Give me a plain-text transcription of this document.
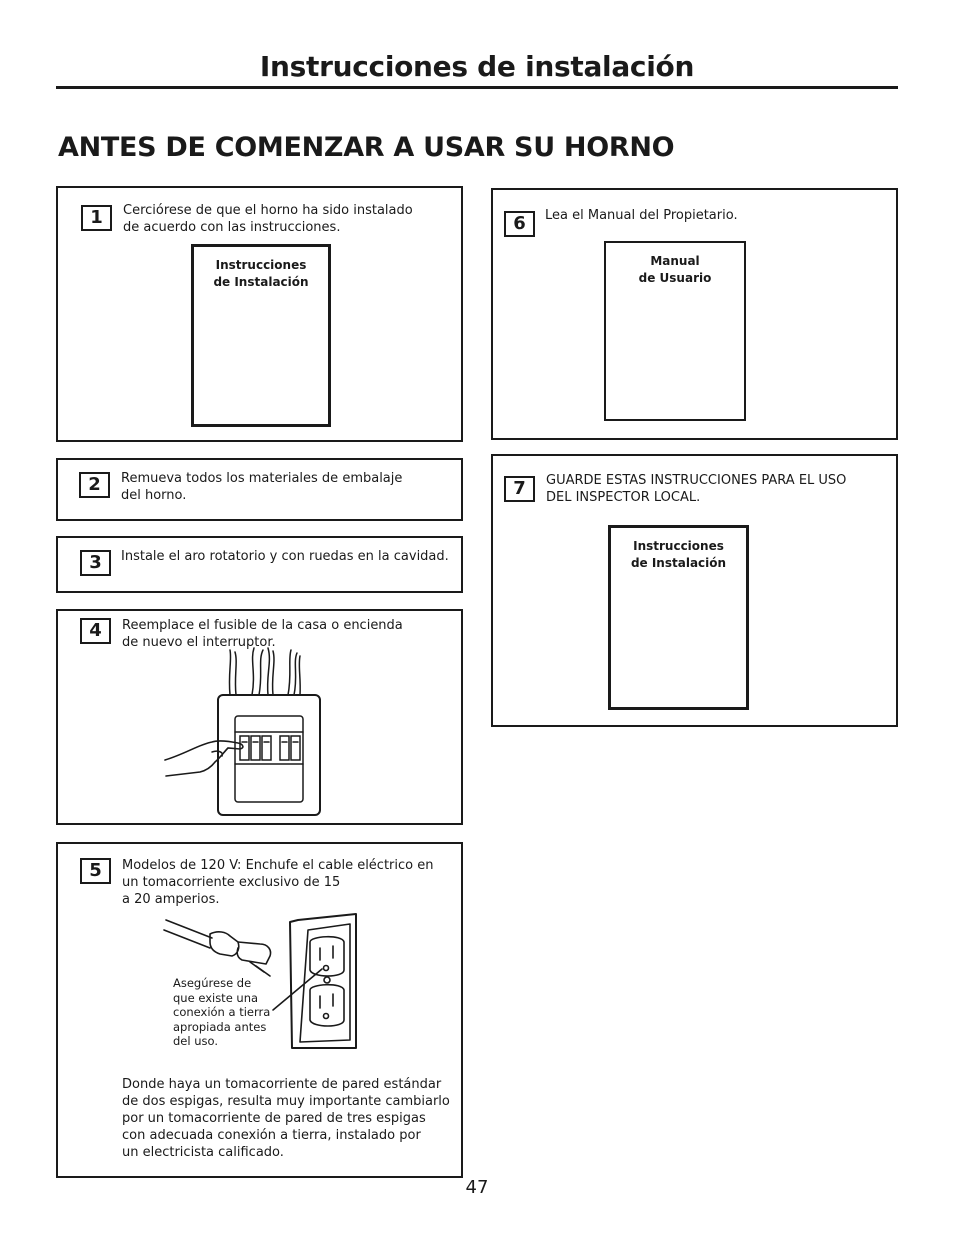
Instrucciones de instalación
ANTES DE COMENZAR A USAR SU HORNO
1	Cerciórese de que el horno ha sido instalado
de acuerdo con las instrucciones.
Instrucciones
de Instalación
2	Remueva todos los materiales de embalaje
del horno.
3	Instale el aro rotatorio y con ruedas en la cavidad.
4	Reemplace el fusible de la casa o encienda
de nuevo el interruptor.
5	Modelos de 120 V: Enchufe el cable eléctrico en
un tomacorriente exclusivo de 15
a 20 amperios.
Asegúrese de
que existe una
conexión a tierra
apropiada antes
del uso.
Donde haya un tomacorriente de pared estándar
de dos espigas, resulta muy importante cambiarlo
por un tomacorriente de pared de tres espigas
con adecuada conexión a tierra, instalado por
un electricista calificado.
6	Lea el Manual del Propietario.
Manual
de Usuario
7	GUARDE ESTAS INSTRUCCIONES PARA EL USO
DEL INSPECTOR LOCAL.
Instrucciones
de Instalación
47
